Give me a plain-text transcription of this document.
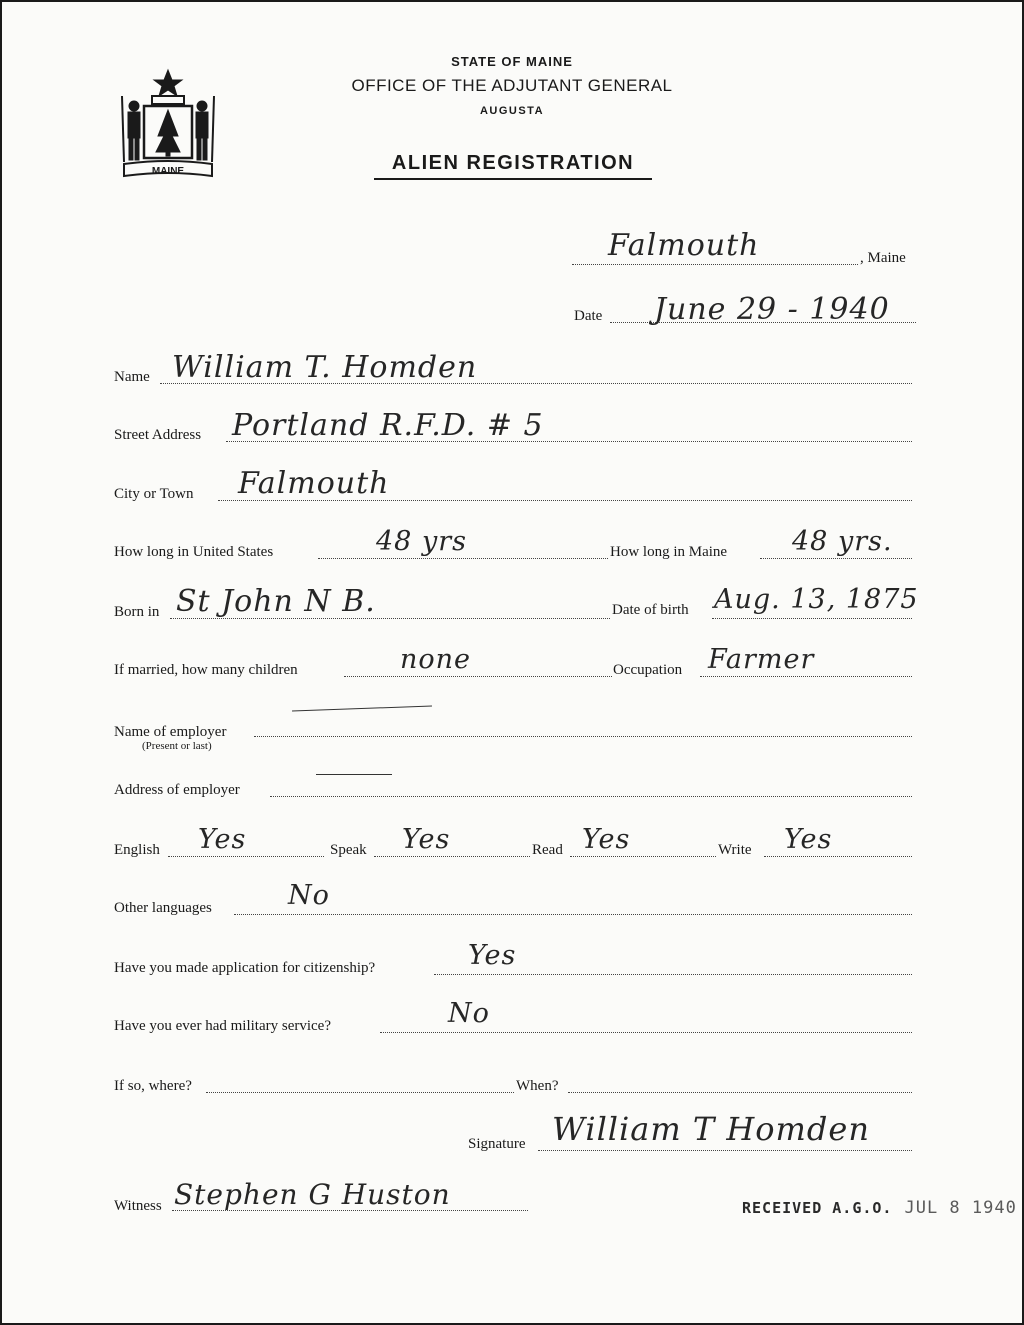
MAINE
STATE OF MAINE
OFFICE OF THE ADJUTANT GENERAL
AUGUSTA
ALIEN REGISTRATION
Falmouth	, Maine
Date June 29 - 1940
Name William T. Homden
Street Address Portland R.F.D. # 5
City or Town Falmouth
How long in United States	48 yrs	How long in Maine 48 yrs.
Born in St John N B.	Date of birth Aug. 13, 1875
If married, how many children	none	Occupation Farmer
Name of employer
(Present or last)
Address of employer
English Yes	Speak Yes	Read Yes	Write Yes
Other languages	No
Have you made application for citizenship?	Yes
Have you ever had military service?	No
If so, where?	When?
Signature William T Homden
Witness Stephen G Huston	RECEIVED A.G.O. JUL 8 1940
